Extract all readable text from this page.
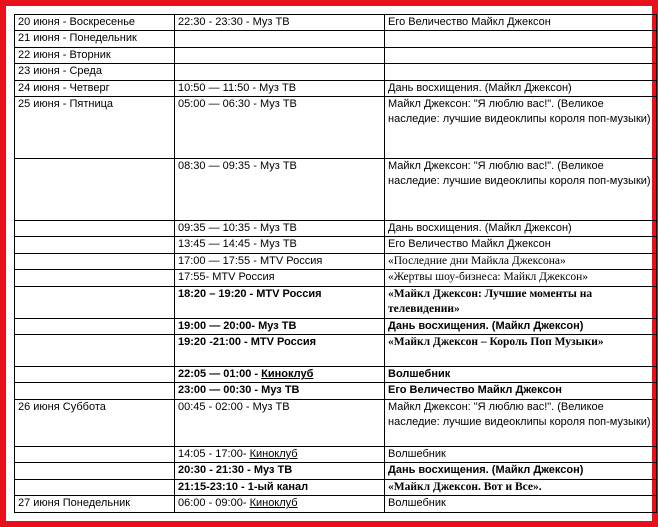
20 июня - Воскресенье	22:30 - 23:30 - Муз ТВ	Его Величество Майкл Джексон
21 июня - Понедельник		
22 июня - Вторник		
23 июня - Среда		
24 июня - Четверг	10:50 — 11:50 - Муз ТВ	Дань восхищения. (Майкл Джексон)
25 июня - Пятница	05:00 — 06:30 - Муз ТВ	Майкл Джексон: "Я люблю вас!". (Великое наследие: лучшие видеоклипы короля поп-музыки)
	08:30 — 09:35 - Муз ТВ	Майкл Джексон: "Я люблю вас!". (Великое наследие: лучшие видеоклипы короля поп-музыки)
	09:35 — 10:35 - Муз ТВ	Дань восхищения. (Майкл Джексон)
	13:45 — 14:45 - Муз ТВ	Его Величество Майкл Джексон
	17:00 — 17:55 - MTV Россия	«Последние дни Майкла Джексона»
	17:55- MTV Россия	«Жертвы шоу-бизнеса: Майкл Джексон»
	18:20 – 19:20 - MTV Россия	«Майкл Джексон: Лучшие моменты на телевидении»
	19:00 — 20:00- Муз ТВ	Дань восхищения. (Майкл Джексон)
	19:20 -21:00 - MTV Россия	«Майкл Джексон – Король Поп Музыки»
	22:05 — 01:00 - Киноклуб	Волшебник
	23:00 — 00:30 - Муз ТВ	Его Величество Майкл Джексон
26 июня Суббота	00:45 - 02:00 - Муз ТВ	Майкл Джексон: "Я люблю вас!". (Великое наследие: лучшие видеоклипы короля поп-музыки)
	14:05 - 17:00- Киноклуб	Волшебник
	20:30 - 21:30 - Муз ТВ	Дань восхищения. (Майкл Джексон)
	21:15-23:10 - 1-ый канал	«Майкл Джексон. Вот и Все».
27 июня Понедельник	06:00 - 09:00- Киноклуб	Волшебник
